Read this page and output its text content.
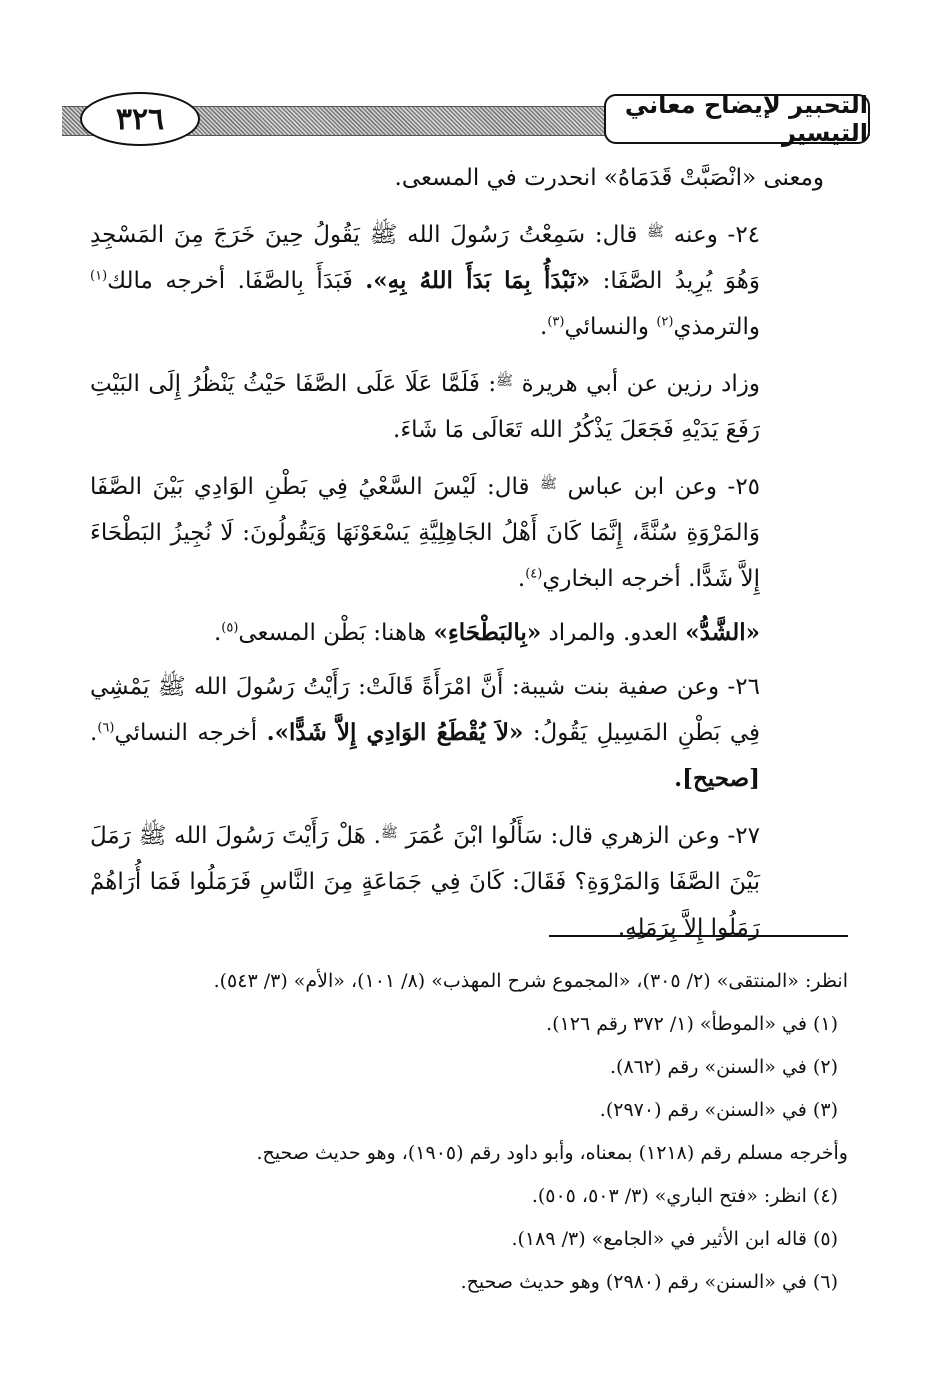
٣٢٦	التحبير لإيضاح معاني التيسير

ومعنى «انْصَبَّتْ قَدَمَاهُ» انحدرت في المسعى.

٢٤- وعنه $^ﷺ$ قال: سَمِعْتُ رَسُولَ الله ﷺ يَقُولُ حِينَ خَرَجَ مِنَ المَسْجِدِ وَهُوَ يُرِيدُ الصَّفَا: «نَبْدَأُ بِمَا بَدَأَ اللهُ بِهِ». فَبَدَأَ بِالصَّفَا. أخرجه مالك$^{(١)}$ والترمذي$^{(٢)}$ والنسائي$^{(٣)}$.

وزاد رزين عن أبي هريرة $^ﷺ$: فَلَمَّا عَلَا عَلَى الصَّفَا حَيْثُ يَنْظُرُ إِلَى البَيْتِ رَفَعَ يَدَيْهِ فَجَعَلَ يَذْكُرُ الله تَعَالَى مَا شَاءَ.

٢٥- وعن ابن عباس $^ﷺ$ قال: لَيْسَ السَّعْيُ فِي بَطْنِ الوَادِي بَيْنَ الصَّفَا وَالمَرْوَةِ سُنَّةً، إِنَّمَا كَانَ أَهْلُ الجَاهِلِيَّةِ يَسْعَوْنَهَا وَيَقُولُونَ: لَا نُجِيزُ البَطْحَاءَ إِلاَّ شَدًّا. أخرجه البخاري$^{(٤)}$.

«الشَّدُّ» العدو. والمراد «بِالبَطْحَاءِ» هاهنا: بَطْن المسعى$^{(٥)}$.

٢٦- وعن صفية بنت شيبة: أَنَّ امْرَأَةً قَالَتْ: رَأَيْتُ رَسُولَ الله ﷺ يَمْشِي فِي بَطْنِ المَسِيلِ يَقُولُ: «لاَ يُقْطَعُ الوَادِي إِلاَّ شَدًّا». أخرجه النسائي$^{(٦)}$. [صحيح].

٢٧- وعن الزهري قال: سَأَلُوا ابْنَ عُمَرَ $^ﷺ$. هَلْ رَأَيْتَ رَسُولَ الله ﷺ رَمَلَ بَيْنَ الصَّفَا وَالمَرْوَةِ؟ فَقَالَ: كَانَ فِي جَمَاعَةٍ مِنَ النَّاسِ فَرَمَلُوا فَمَا أُرَاهُمْ رَمَلُوا إِلاَّ بِرَمَلِهِ.

انظر: «المنتقى» (٢/ ٣٠٥)، «المجموع شرح المهذب» (٨/ ١٠١)، «الأم» (٣/ ٥٤٣).

(١) في «الموطأ» (١/ ٣٧٢ رقم ١٢٦).

(٢) في «السنن» رقم (٨٦٢).

(٣) في «السنن» رقم (٢٩٧٠).

وأخرجه مسلم رقم (١٢١٨) بمعناه، وأبو داود رقم (١٩٠٥)، وهو حديث صحيح.

(٤) انظر: «فتح الباري» (٣/ ٥٠٣، ٥٠٥).

(٥) قاله ابن الأثير في «الجامع» (٣/ ١٨٩).

(٦) في «السنن» رقم (٢٩٨٠) وهو حديث صحيح.
